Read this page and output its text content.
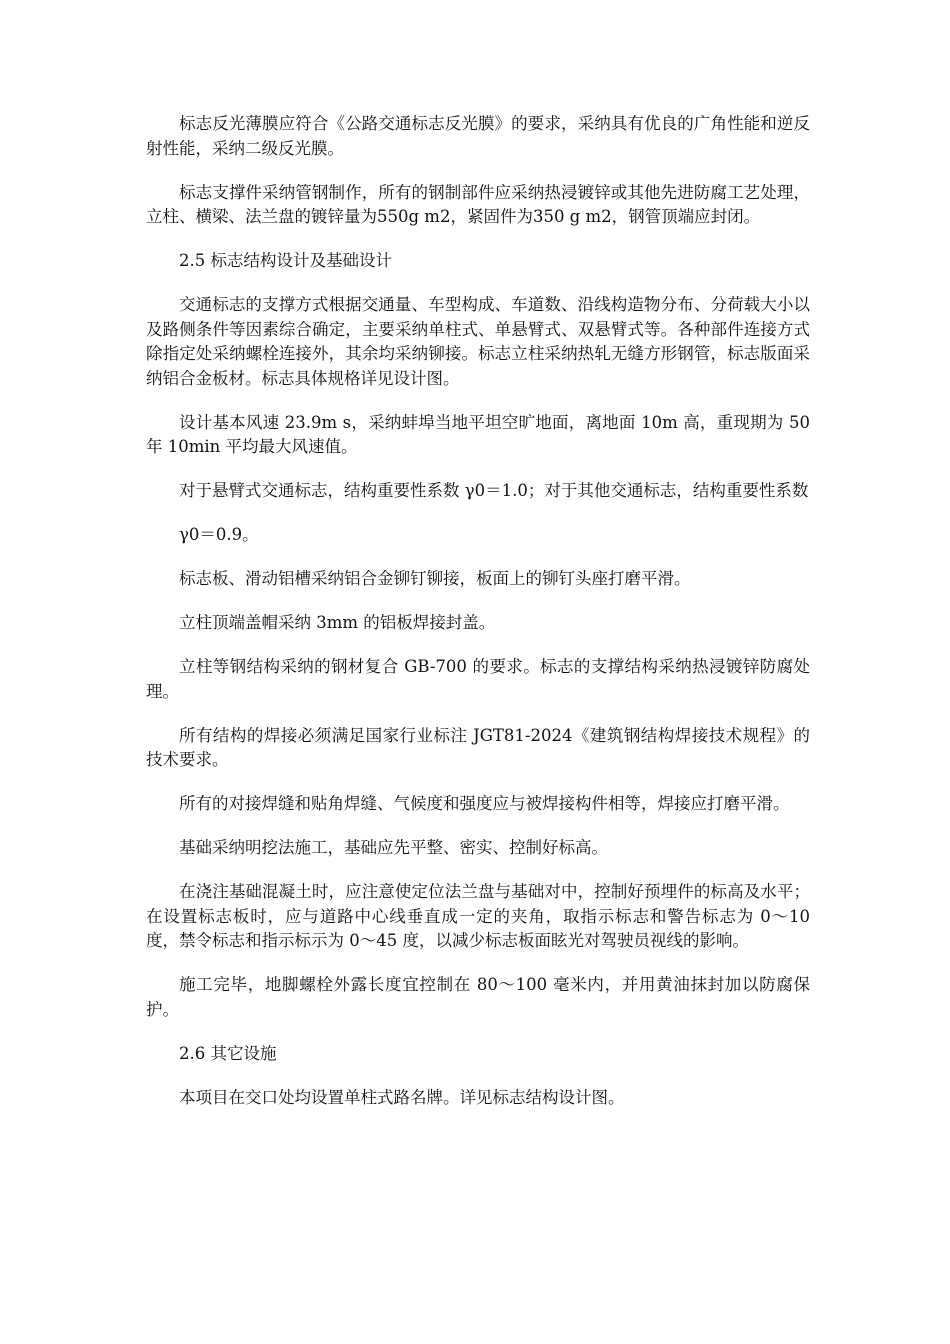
标志反光薄膜应符合《公路交通标志反光膜》的要求，采纳具有优良的广角性能和逆反射性能，采纳二级反光膜。

标志支撑件采纳管钢制作，所有的钢制部件应采纳热浸镀锌或其他先进防腐工艺处理，立柱、横梁、法兰盘的镀锌量为550g m2，紧固件为350 g m2，钢管顶端应封闭。

2.5 标志结构设计及基础设计

交通标志的支撑方式根据交通量、车型构成、车道数、沿线构造物分布、分荷载大小以及路侧条件等因素综合确定，主要采纳单柱式、单悬臂式、双悬臂式等。各种部件连接方式除指定处采纳螺栓连接外，其余均采纳铆接。标志立柱采纳热轧无缝方形钢管，标志版面采纳铝合金板材。标志具体规格详见设计图。

设计基本风速 23.9m s，采纳蚌埠当地平坦空旷地面，离地面 10m 高，重现期为 50 年 10min 平均最大风速值。

对于悬臂式交通标志，结构重要性系数 γ0＝1.0；对于其他交通标志，结构重要性系数

γ0＝0.9。

标志板、滑动铝槽采纳铝合金铆钉铆接，板面上的铆钉头座打磨平滑。

立柱顶端盖帽采纳 3mm 的铝板焊接封盖。

立柱等钢结构采纳的钢材复合 GB-700 的要求。标志的支撑结构采纳热浸镀锌防腐处理。

所有结构的焊接必须满足国家行业标注 JGT81-2024《建筑钢结构焊接技术规程》的技术要求。

所有的对接焊缝和贴角焊缝、气候度和强度应与被焊接构件相等，焊接应打磨平滑。

基础采纳明挖法施工，基础应先平整、密实、控制好标高。

在浇注基础混凝土时，应注意使定位法兰盘与基础对中，控制好预埋件的标高及水平；在设置标志板时，应与道路中心线垂直成一定的夹角，取指示标志和警告标志为 0～10 度，禁令标志和指示标示为 0～45 度，以减少标志板面眩光对驾驶员视线的影响。

施工完毕，地脚螺栓外露长度宜控制在 80～100 毫米内，并用黄油抹封加以防腐保护。

2.6 其它设施

本项目在交口处均设置单柱式路名牌。详见标志结构设计图。
